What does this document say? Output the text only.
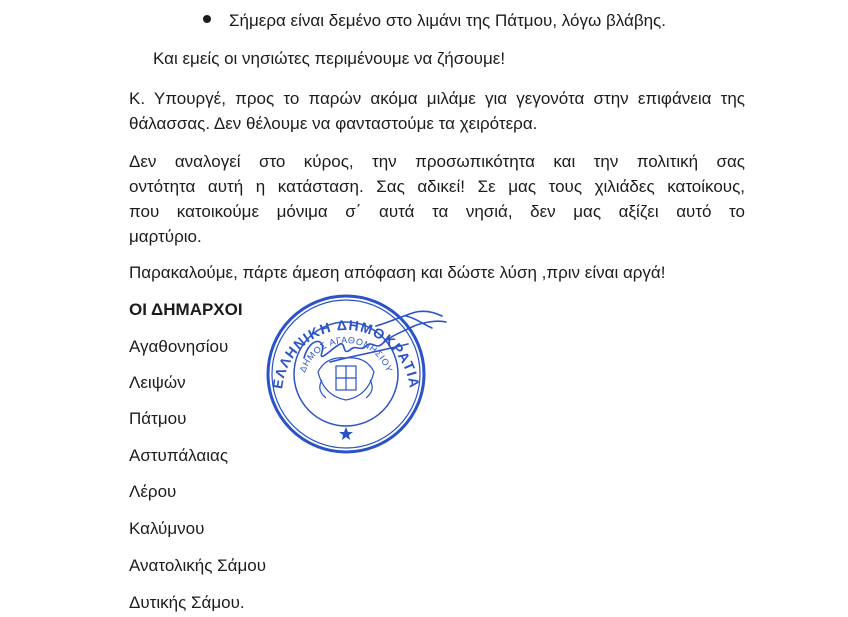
Σήμερα είναι δεμένο στο λιμάνι της Πάτμου, λόγω βλάβης.
Και εμείς οι νησιώτες περιμένουμε να ζήσουμε!
Κ. Υπουργέ, προς το παρών ακόμα μιλάμε για γεγονότα στην επιφάνεια της
θάλασσας. Δεν θέλουμε να φανταστούμε τα χειρότερα.
Δεν αναλογεί στο κύρος, την προσωπικότητα και την πολιτική σας
οντότητα αυτή η κατάσταση. Σας αδικεί! Σε μας τους χιλιάδες κατοίκους,
που κατοικούμε μόνιμα σ΄ αυτά τα νησιά, δεν μας αξίζει αυτό το
μαρτύριο.
Παρακαλούμε, πάρτε άμεση απόφαση και δώστε λύση ,πριν είναι αργά!
ΟΙ ΔΗΜΑΡΧΟΙ
Αγαθονησίου
Λειψών
Πάτμου
Αστυπάλαιας
Λέρου
Καλύμνου
Ανατολικής Σάμου
Δυτικής Σάμου.
ΕΛΛΗΝΙΚΗ ΔΗΜΟΚΡΑΤΙΑ
ΔΗΜΟΣ ΑΓΑΘΟΝΗΣΙΟΥ
